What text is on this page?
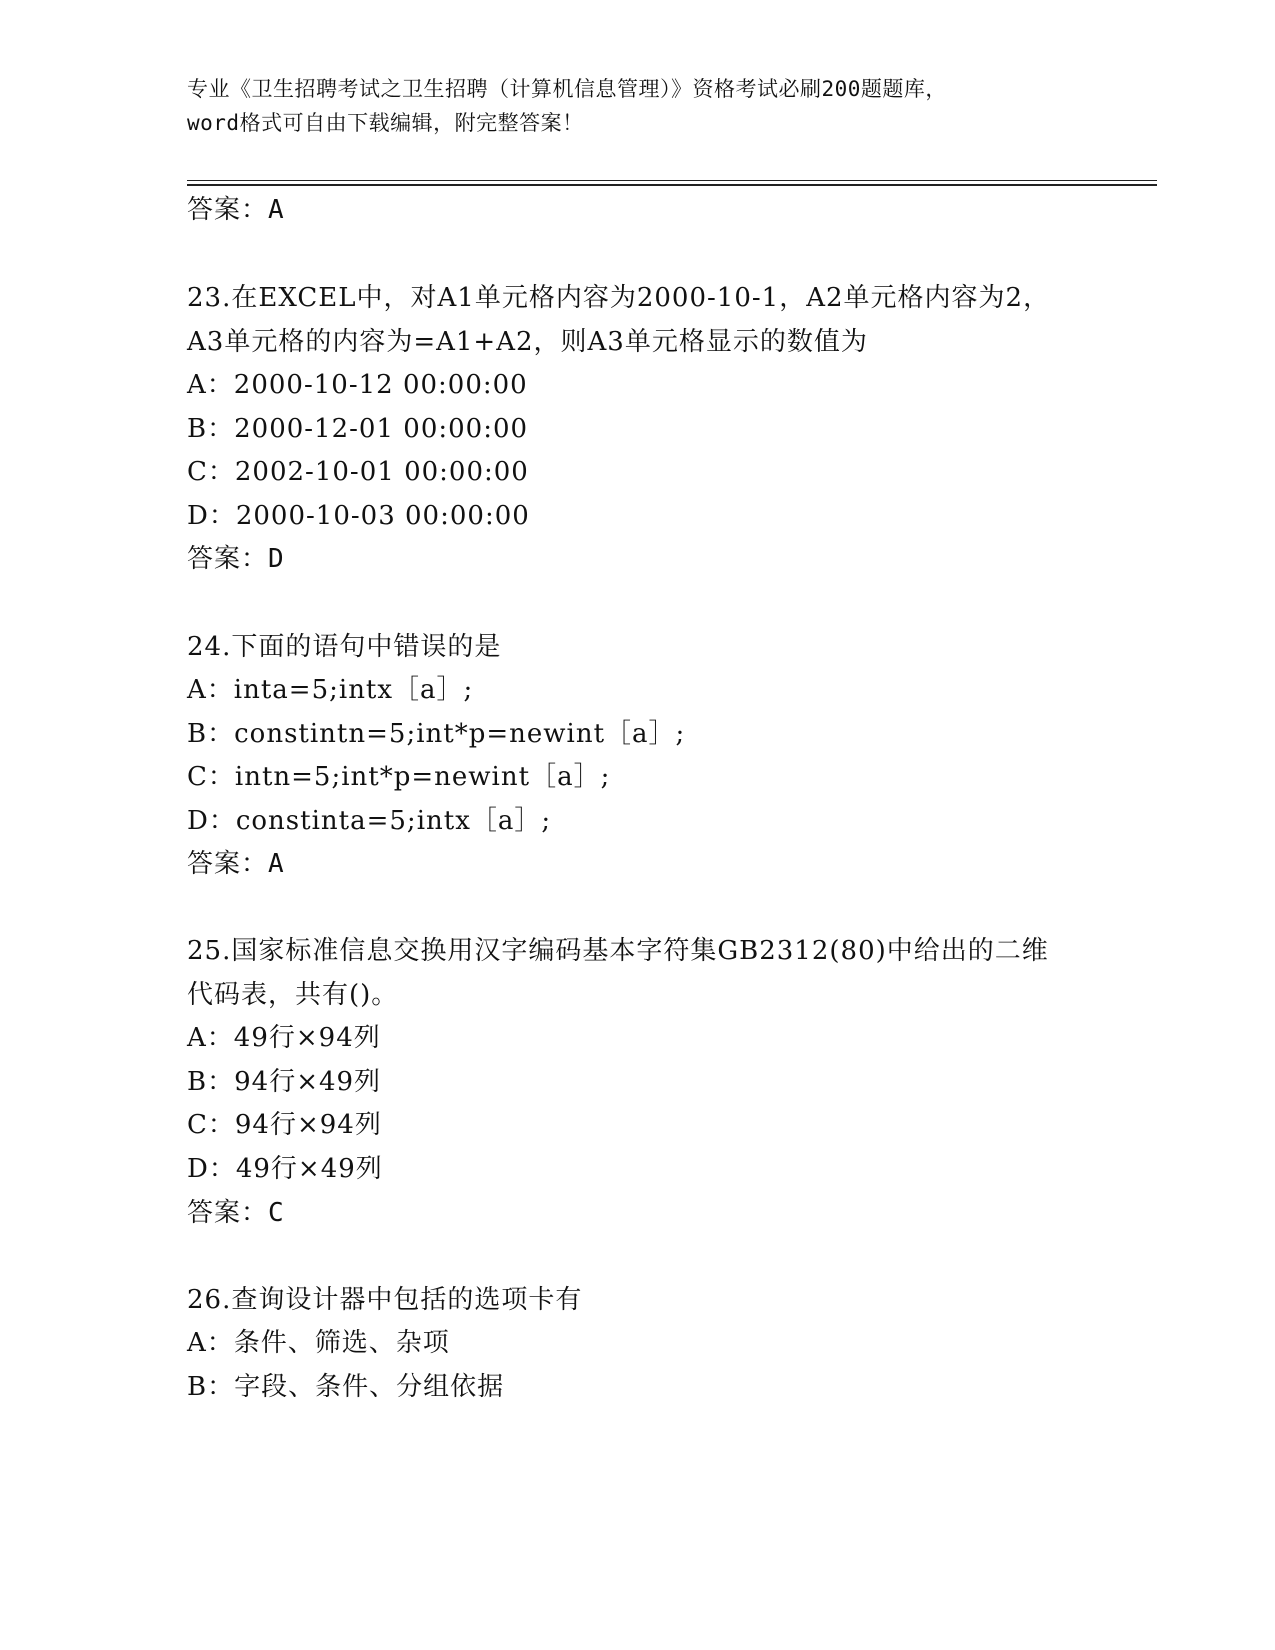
专业《卫生招聘考试之卫生招聘（计算机信息管理）》资格考试必刷200题题库，
word格式可自由下载编辑，附完整答案！
答案：A
23.在EXCEL中，对A1单元格内容为2000-10-1，A2单元格内容为2，
A3单元格的内容为=A1+A2，则A3单元格显示的数值为
A：2000-10-12 00:00:00
B：2000-12-01 00:00:00
C：2002-10-01 00:00:00
D：2000-10-03 00:00:00
答案：D
24.下面的语句中错误的是
A：inta=5;intx［a］;
B：constintn=5;int*p=newint［a］;
C：intn=5;int*p=newint［a］;
D：constinta=5;intx［a］;
答案：A
25.国家标准信息交换用汉字编码基本字符集GB2312(80)中给出的二维
代码表，共有()。
A：49行×94列
B：94行×49列
C：94行×94列
D：49行×49列
答案：C
26.查询设计器中包括的选项卡有
A：条件、筛选、杂项
B：字段、条件、分组依据
